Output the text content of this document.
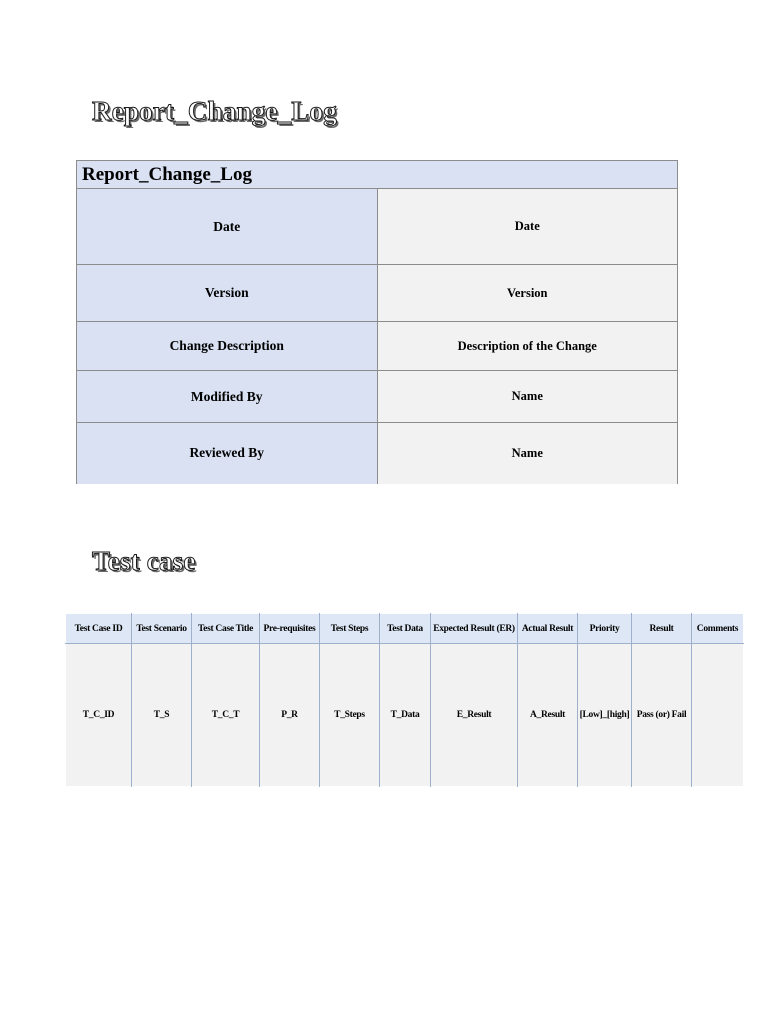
Report_Change_Log
Report_Change_Log	
Date	Date
Version	Version
Change Description	Description of the Change
Modified By	Name
Reviewed By	Name
Test case
Test Case ID	Test Scenario	Test Case Title	Pre-requisites	Test Steps	Test Data	Expected Result (ER)	Actual Result	Priority	Result	Comments
T_C_ID	T_S	T_C_T	P_R	T_Steps	T_Data	E_Result	A_Result	[Low]_[high]	Pass (or) Fail	
